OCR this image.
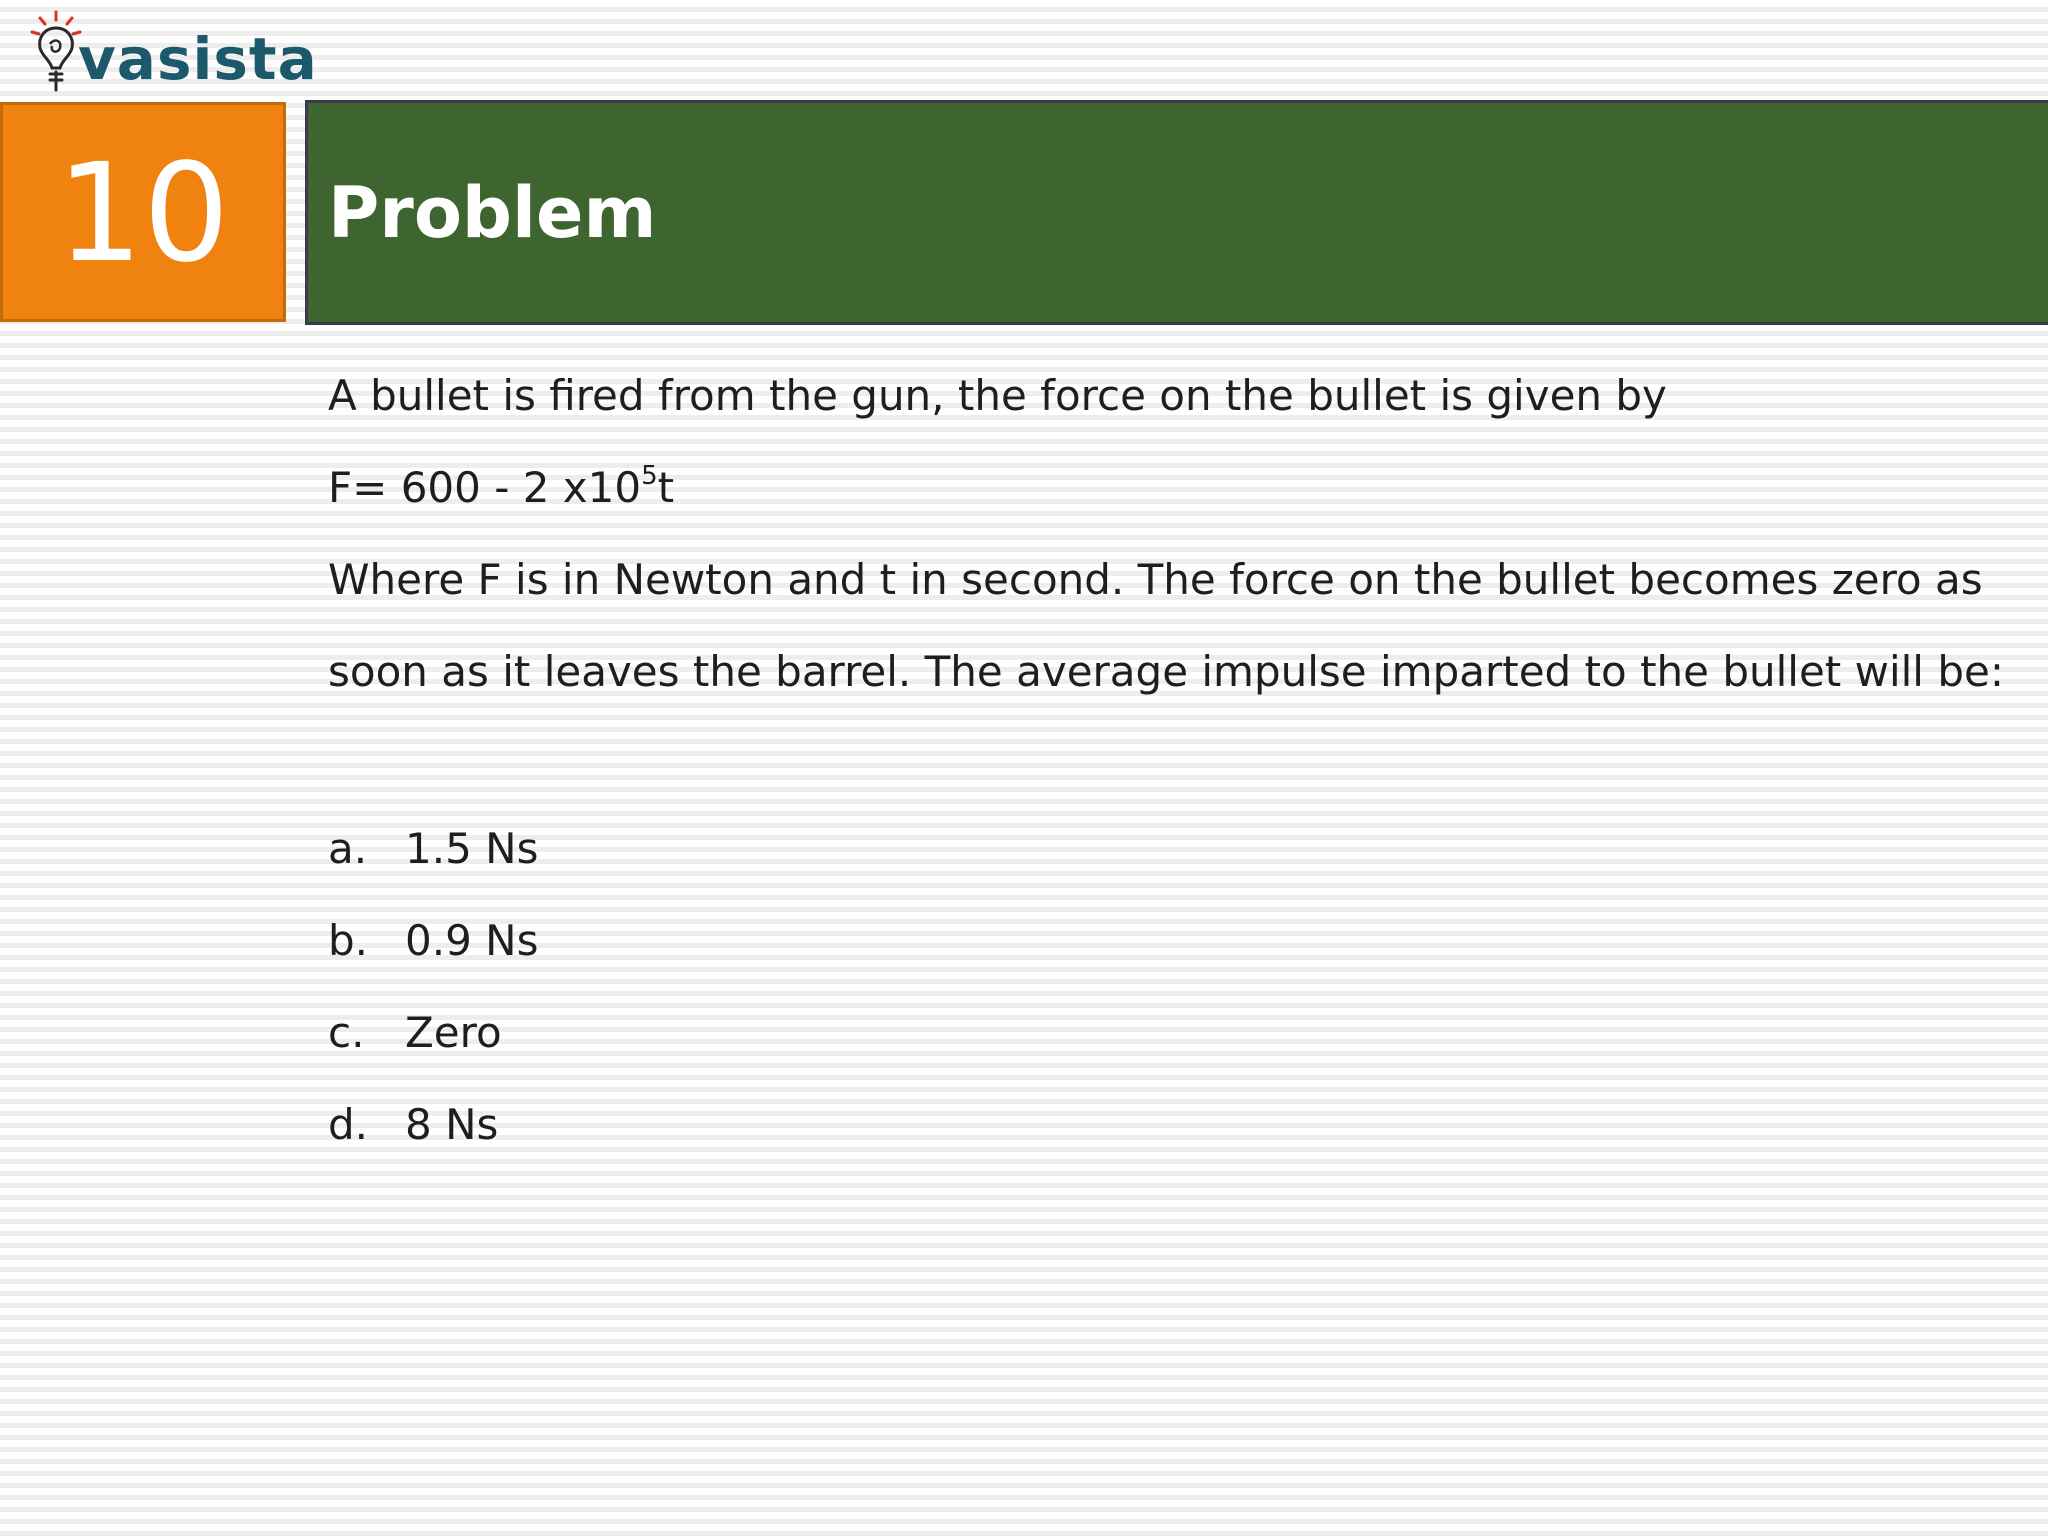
vasista
10 Problem

A bullet is fired from the gun, the force on the bullet is given by

F= 600 - 2 $x10^5t$

Where F is in Newton and t in second. The force on the bullet becomes zero as

soon as it leaves the barrel. The average impulse imparted to the bullet will be:

a. 1.5 Ns
b. 0.9 Ns
c. Zero
d. 8 Ns
